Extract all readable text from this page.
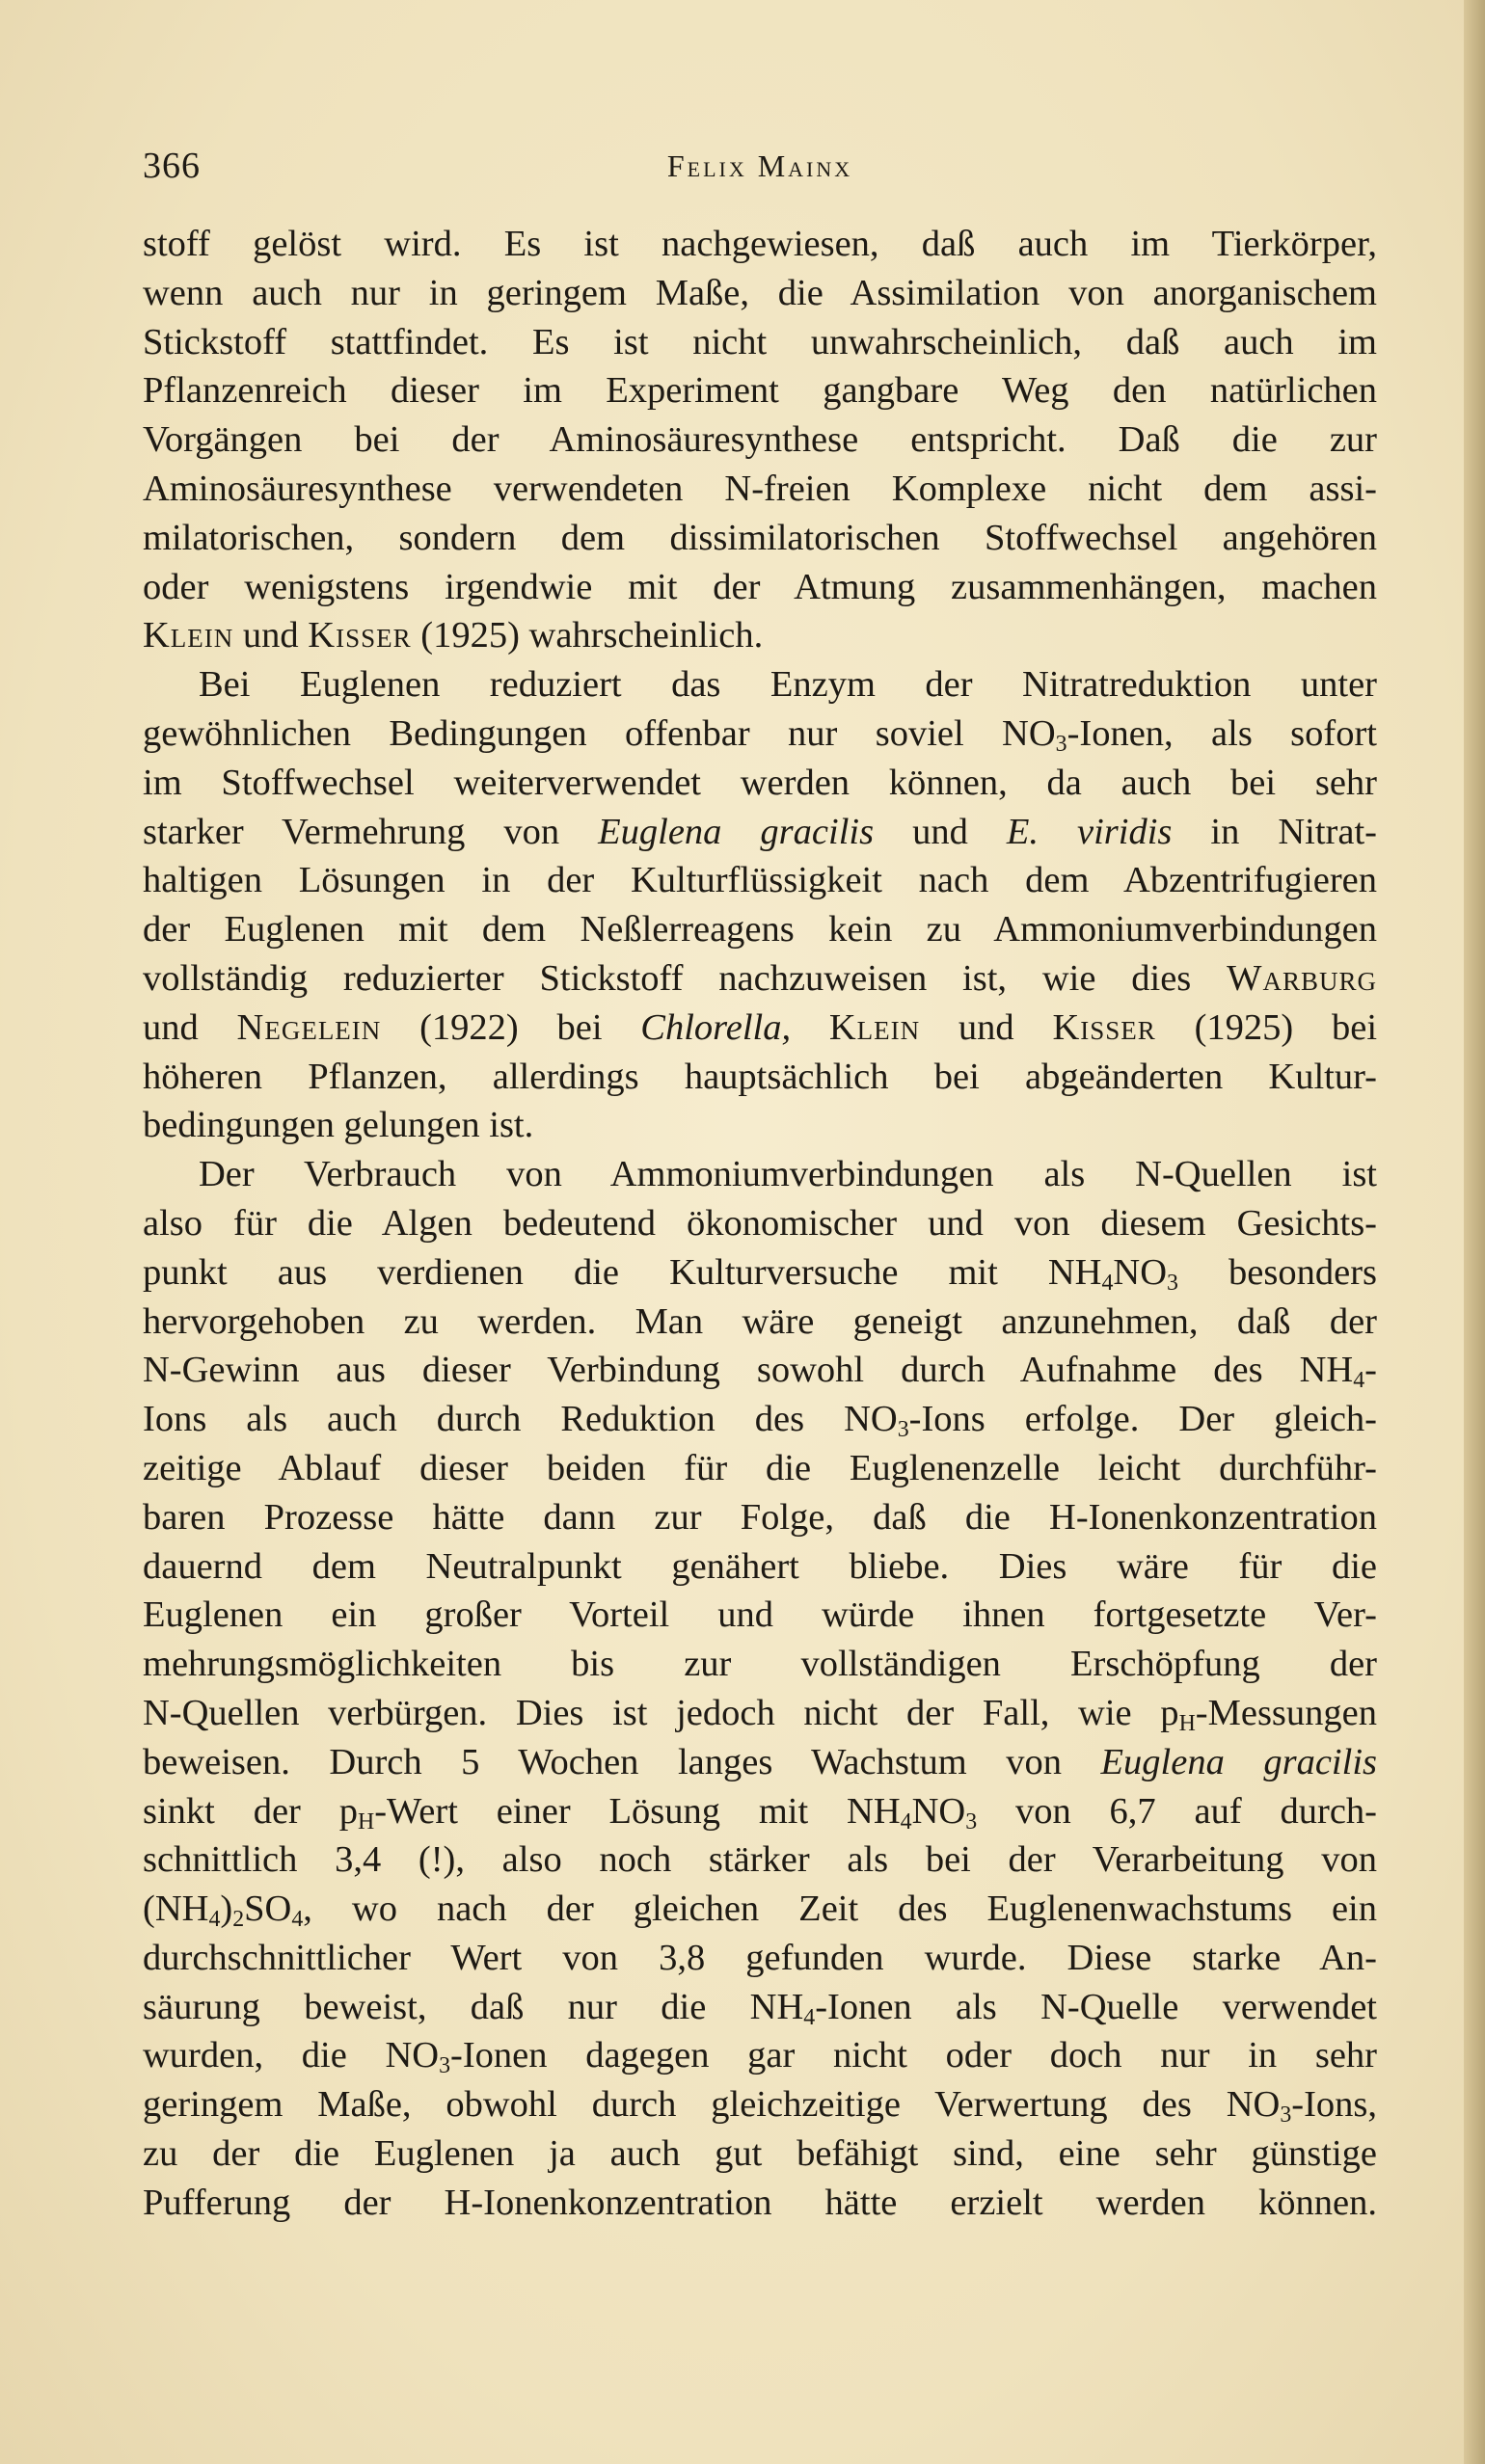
366	Felix Mainx
stoff gelöst wird. Es ist nachgewiesen, daß auch im Tierkörper,
wenn auch nur in geringem Maße, die Assimilation von anorganischem
Stickstoff stattfindet. Es ist nicht unwahrscheinlich, daß auch im
Pflanzenreich dieser im Experiment gangbare Weg den natürlichen
Vorgängen bei der Aminosäuresynthese entspricht. Daß die zur
Aminosäuresynthese verwendeten N-freien Komplexe nicht dem assi-
milatorischen, sondern dem dissimilatorischen Stoffwechsel angehören
oder wenigstens irgendwie mit der Atmung zusammenhängen, machen
Klein und Kisser (1925) wahrscheinlich.
Bei Euglenen reduziert das Enzym der Nitratreduktion unter
gewöhnlichen Bedingungen offenbar nur soviel $NO_3$-Ionen, als sofort
im Stoffwechsel weiterverwendet werden können, da auch bei sehr
starker Vermehrung von Euglena gracilis und E. viridis in Nitrat-
haltigen Lösungen in der Kulturflüssigkeit nach dem Abzentrifugieren
der Euglenen mit dem Neßlerreagens kein zu Ammoniumverbindungen
vollständig reduzierter Stickstoff nachzuweisen ist, wie dies Warburg
und Negelein (1922) bei Chlorella, Klein und Kisser (1925) bei
höheren Pflanzen, allerdings hauptsächlich bei abgeänderten Kultur-
bedingungen gelungen ist.
Der Verbrauch von Ammoniumverbindungen als N-Quellen ist
also für die Algen bedeutend ökonomischer und von diesem Gesichts-
punkt aus verdienen die Kulturversuche mit $NH_4NO_3$ besonders
hervorgehoben zu werden. Man wäre geneigt anzunehmen, daß der
N-Gewinn aus dieser Verbindung sowohl durch Aufnahme des $NH_4-$
Ions als auch durch Reduktion des $NO_3$-Ions erfolge. Der gleich-
zeitige Ablauf dieser beiden für die Euglenenzelle leicht durchführ-
baren Prozesse hätte dann zur Folge, daß die H-Ionenkonzentration
dauernd dem Neutralpunkt genähert bliebe. Dies wäre für die
Euglenen ein großer Vorteil und würde ihnen fortgesetzte Ver-
mehrungsmöglichkeiten bis zur vollständigen Erschöpfung der
N-Quellen verbürgen. Dies ist jedoch nicht der Fall, wie $p_H$-Messungen
beweisen. Durch 5 Wochen langes Wachstum von Euglena gracilis
sinkt der $p_H$-Wert einer Lösung mit $NH_4NO_3$ von 6,7 auf durch-
schnittlich 3,4 (!), also noch stärker als bei der Verarbeitung von
$(NH_4)_2SO_4$, wo nach der gleichen Zeit des Euglenenwachstums ein
durchschnittlicher Wert von 3,8 gefunden wurde. Diese starke An-
säurung beweist, daß nur die $NH_4$-Ionen als N-Quelle verwendet
wurden, die $NO_3$-Ionen dagegen gar nicht oder doch nur in sehr
geringem Maße, obwohl durch gleichzeitige Verwertung des $NO_3$-Ions,
zu der die Euglenen ja auch gut befähigt sind, eine sehr günstige
Pufferung der H-Ionenkonzentration hätte erzielt werden können.
